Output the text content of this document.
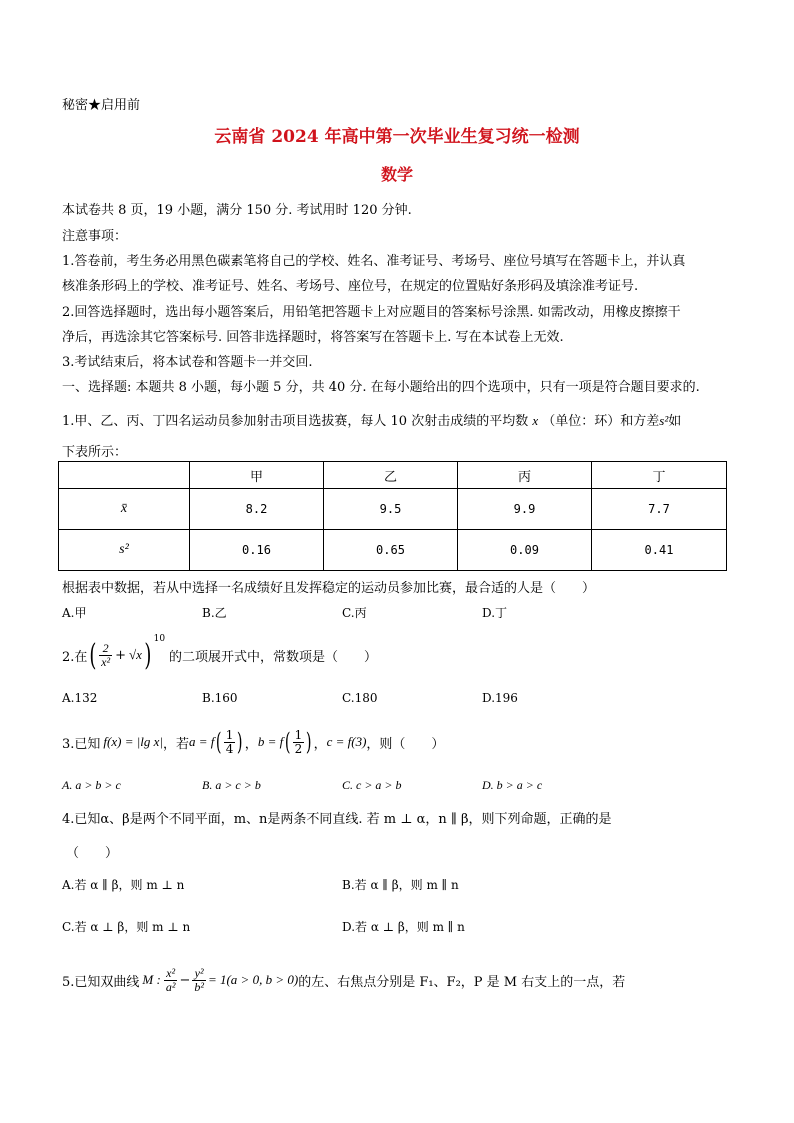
秘密★启用前
云南省 2024 年高中第一次毕业生复习统一检测
数学
本试卷共 8 页，19 小题，满分 150 分. 考试用时 120 分钟.
注意事项：
1.答卷前，考生务必用黑色碳素笔将自己的学校、姓名、准考证号、考场号、座位号填写在答题卡上，并认真
核准条形码上的学校、准考证号、姓名、考场号、座位号，在规定的位置贴好条形码及填涂准考证号.
2.回答选择题时，选出每小题答案后，用铅笔把答题卡上对应题目的答案标号涂黑. 如需改动，用橡皮擦擦干
净后，再选涂其它答案标号. 回答非选择题时，将答案写在答题卡上. 写在本试卷上无效.
3.考试结束后，将本试卷和答题卡一并交回.
一、选择题: 本题共 8 小题，每小题 5 分，共 40 分. 在每小题给出的四个选项中，只有一项是符合题目要求的.
1.甲、乙、丙、丁四名运动员参加射击项目选拔赛，每人 10 次射击成绩的平均数 x （单位：环）和方差s²如
下表所示：
	甲	乙	丙	丁
x̄	8.2	9.5	9.9	7.7
s²	0.16	0.65	0.09	0.41
根据表中数据，若从中选择一名成绩好且发挥稳定的运动员参加比赛，最合适的人是（　　）
A.甲	B.乙	C.丙	D.丁
2.在 ( $\frac{2}{\text{x²}} + √x$ ) 10
的二项展开式中，常数项是（　　）
A.132	B.160	C.180	D.196
3.已知 f(x) = |lg x| ，若 a = f ( $\frac{1}{4}$ ) ， b = f ( $\frac{1}{2}$ ) ， c = f(3) ，则（　　）
A. a > b > c	B. a > c > b	C. c > a > b	D. b > a > c
4.已知α、β是两个不同平面，m、n是两条不同直线. 若 m ⊥ α，n ∥ β，则下列命题，正确的是
（　　）
A.若 α ∥ β，则 m ⊥ n	B.若 α ∥ β，则 m ∥ n
C.若 α ⊥ β，则 m ⊥ n	D.若 α ⊥ β，则 m ∥ n
5.已知双曲线 M : $\frac{\text{x²}}{\text{a²}} - \frac{\text{y²}}{\text{b²}} = 1(a > 0$, b > 0) 的左、右焦点分别是 F₁、F₂，P 是 M 右支上的一点，若
